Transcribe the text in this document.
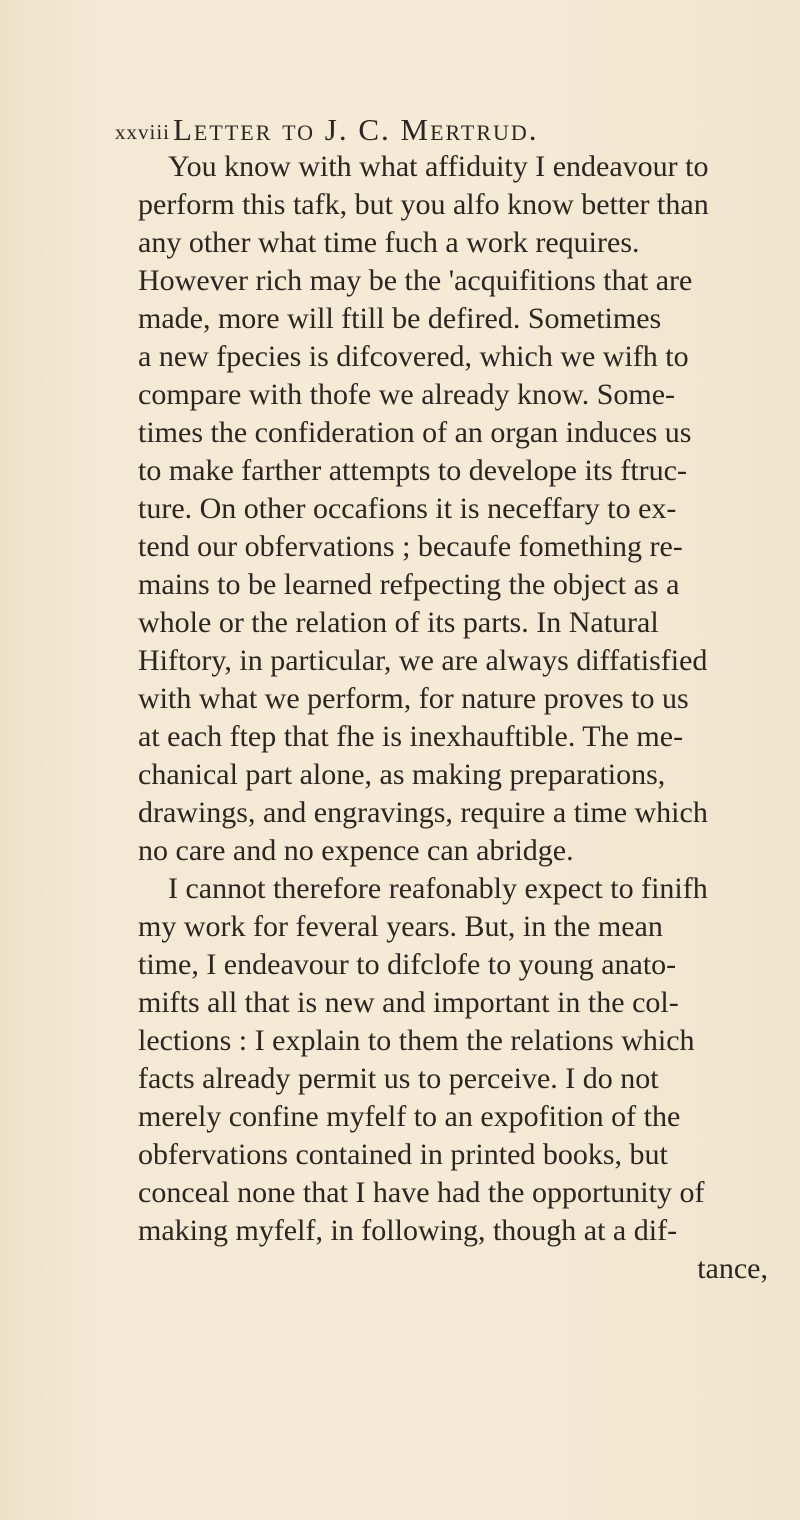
xxviii Letter to J. C. Mertrud.
You know with what affiduity I endeavour to
perform this tafk, but you alfo know better than
any other what time fuch a work requires.
However rich may be the 'acquifitions that are
made, more will ftill be defired. Sometimes
a new fpecies is difcovered, which we wifh to
compare with thofe we already know. Some-
times the confideration of an organ induces us
to make farther attempts to develope its ftruc-
ture. On other occafions it is neceffary to ex-
tend our obfervations ; becaufe fomething re-
mains to be learned refpecting the object as a
whole or the relation of its parts. In Natural
Hiftory, in particular, we are always diffatisfied
with what we perform, for nature proves to us
at each ftep that fhe is inexhauftible. The me-
chanical part alone, as making preparations,
drawings, and engravings, require a time which
no care and no expence can abridge.
I cannot therefore reafonably expect to finifh
my work for feveral years. But, in the mean
time, I endeavour to difclofe to young anato-
mifts all that is new and important in the col-
lections : I explain to them the relations which
facts already permit us to perceive. I do not
merely confine myfelf to an expofition of the
obfervations contained in printed books, but
conceal none that I have had the opportunity of
making myfelf, in following, though at a dif-
tance,
